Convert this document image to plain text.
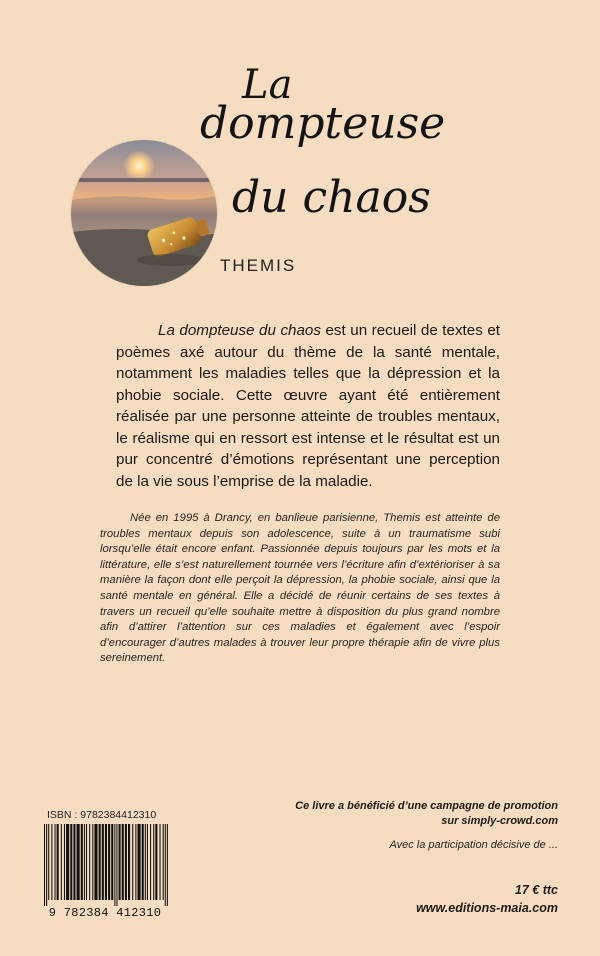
La
dompteuse
du chaos
THEMIS

La dompteuse du chaos est un recueil de textes et poèmes axé autour du thème de la santé mentale, notamment les maladies telles que la dépression et la phobie sociale. Cette œuvre ayant été entièrement réalisée par une personne atteinte de troubles mentaux, le réalisme qui en ressort est intense et le résultat est un pur concentré d’émotions représentant une perception de la vie sous l’emprise de la maladie.

Née en 1995 à Drancy, en banlieue parisienne, Themis est atteinte de troubles mentaux depuis son adolescence, suite à un traumatisme subi lorsqu’elle était encore enfant. Passionnée depuis toujours par les mots et la littérature, elle s’est naturellement tournée vers l’écriture afin d’extérioriser à sa manière la façon dont elle perçoit la dépression, la phobie sociale, ainsi que la santé mentale en général. Elle a décidé de réunir certains de ses textes à travers un recueil qu’elle souhaite mettre à disposition du plus grand nombre afin d’attirer l’attention sur ces maladies et également avec l’espoir d’encourager d’autres malades à trouver leur propre thérapie afin de vivre plus sereinement.

ISBN : 9782384412310
9 782384 412310
Ce livre a bénéficié d’une campagne de promotion
sur simply-crowd.com
Avec la participation décisive de ...
17 € ttc
www.editions-maia.com
